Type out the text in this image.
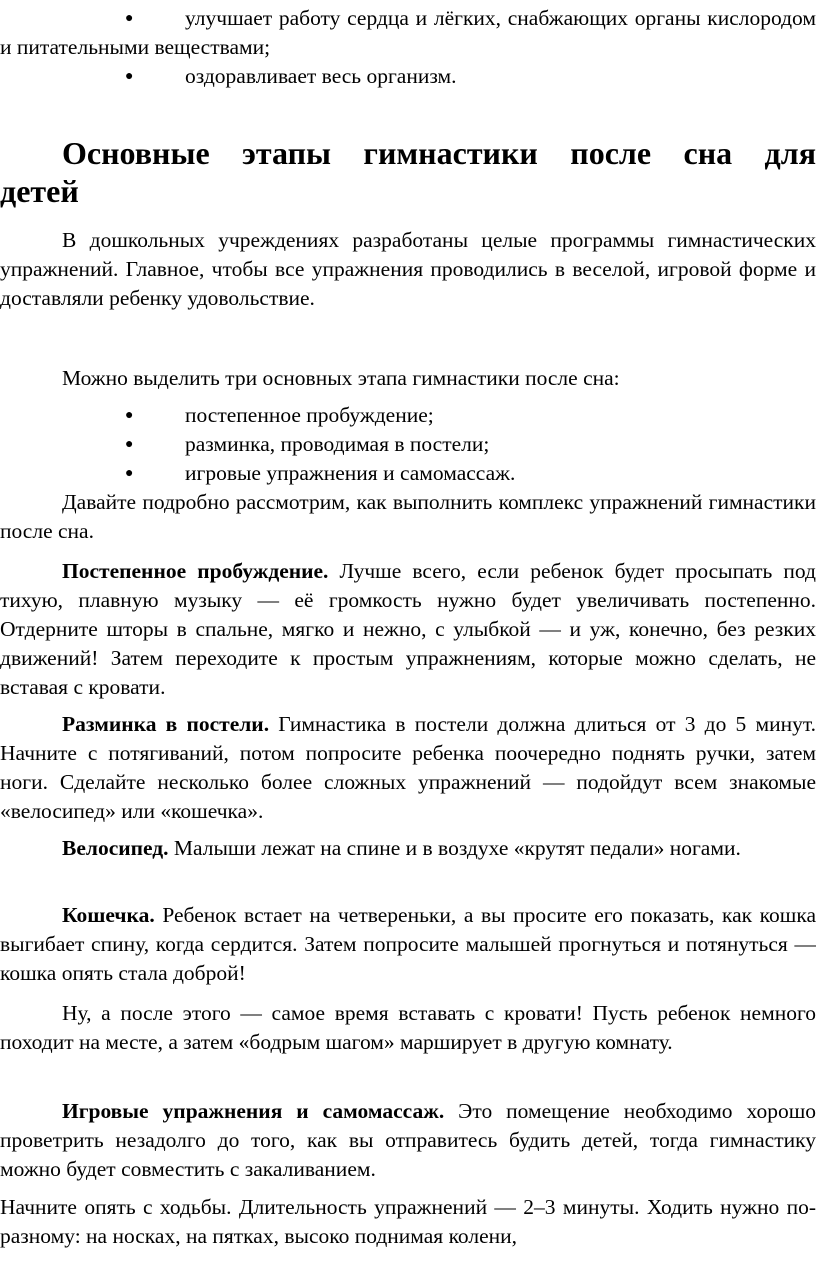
● улучшает работу сердца и лёгких, снабжающих органы кислородом и питательными веществами;
● оздоравливает весь организм.
Основные этапы гимнастики после сна для детей

В дошкольных учреждениях разработаны целые программы гимнастических упражнений. Главное, чтобы все упражнения проводились в веселой, игровой форме и доставляли ребенку удовольствие.

Можно выделить три основных этапа гимнастики после сна:

● постепенное пробуждение;
● разминка, проводимая в постели;
● игровые упражнения и самомассаж.

Давайте подробно рассмотрим, как выполнить комплекс упражнений гимнастики после сна.

Постепенное пробуждение. Лучше всего, если ребенок будет просыпать под тихую, плавную музыку — её громкость нужно будет увеличивать постепенно. Отдерните шторы в спальне, мягко и нежно, с улыбкой — и уж, конечно, без резких движений! Затем переходите к простым упражнениям, которые можно сделать, не вставая с кровати.

Разминка в постели. Гимнастика в постели должна длиться от 3 до 5 минут. Начните с потягиваний, потом попросите ребенка поочередно поднять ручки, затем ноги. Сделайте несколько более сложных упражнений — подойдут всем знакомые «велосипед» или «кошечка».

Велосипед. Малыши лежат на спине и в воздухе «крутят педали» ногами.

Кошечка. Ребенок встает на четвереньки, а вы просите его показать, как кошка выгибает спину, когда сердится. Затем попросите малышей прогнуться и потянуться — кошка опять стала доброй!

Ну, а после этого — самое время вставать с кровати! Пусть ребенок немного походит на месте, а затем «бодрым шагом» марширует в другую комнату.

Игровые упражнения и самомассаж. Это помещение необходимо хорошо проветрить незадолго до того, как вы отправитесь будить детей, тогда гимнастику можно будет совместить с закаливанием.

Начните опять с ходьбы. Длительность упражнений — 2–3 минуты. Ходить нужно по-разному: на носках, на пятках, высоко поднимая колени,
